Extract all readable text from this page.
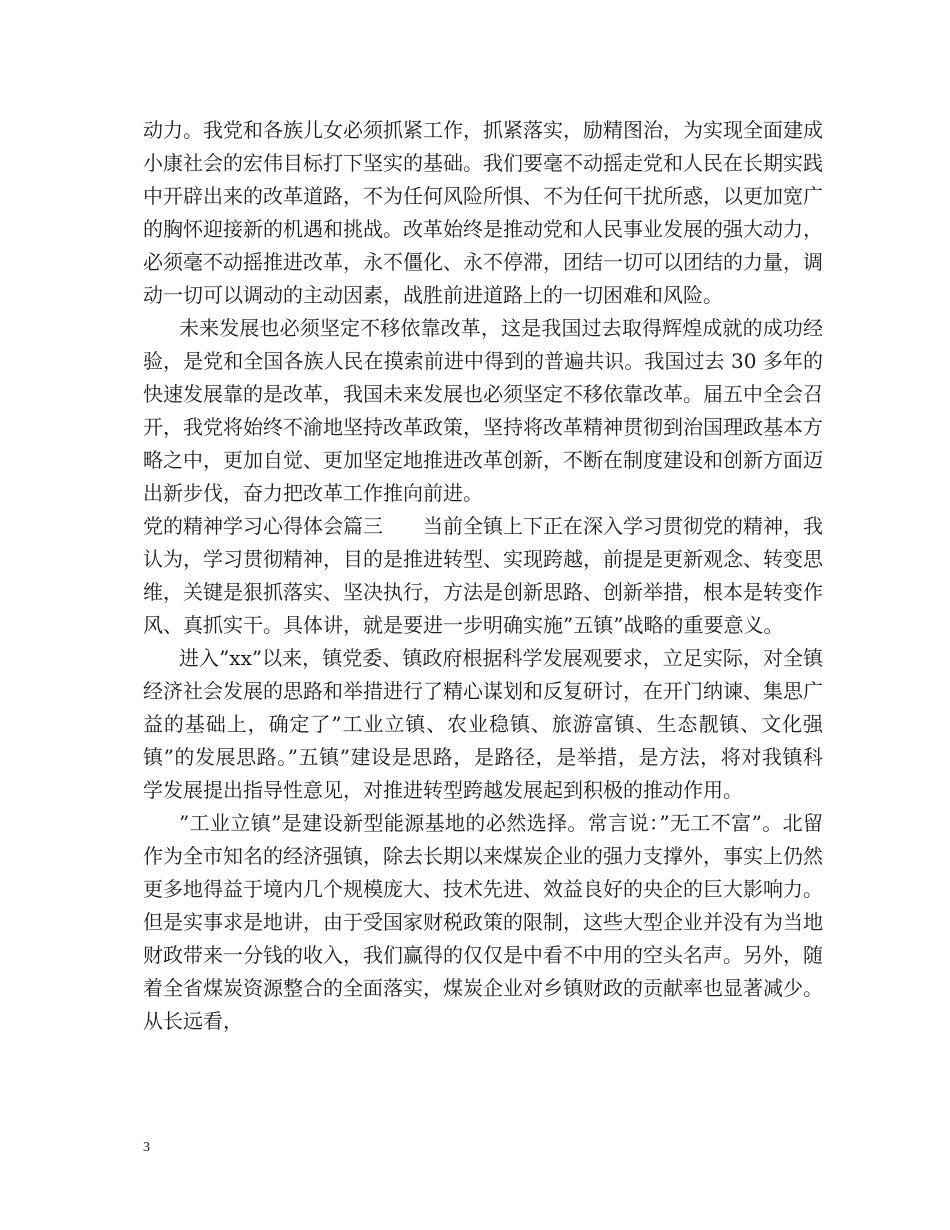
动力。我党和各族儿女必须抓紧工作，抓紧落实，励精图治，为实现全面建成小康社会的宏伟目标打下坚实的基础。我们要毫不动摇走党和人民在长期实践中开辟出来的改革道路，不为任何风险所惧、不为任何干扰所惑，以更加宽广的胸怀迎接新的机遇和挑战。改革始终是推动党和人民事业发展的强大动力，必须毫不动摇推进改革，永不僵化、永不停滞，团结一切可以团结的力量，调动一切可以调动的主动因素，战胜前进道路上的一切困难和风险。

未来发展也必须坚定不移依靠改革，这是我国过去取得辉煌成就的成功经验，是党和全国各族人民在摸索前进中得到的普遍共识。我国过去 30 多年的快速发展靠的是改革，我国未来发展也必须坚定不移依靠改革。届五中全会召开，我党将始终不渝地坚持改革政策，坚持将改革精神贯彻到治国理政基本方略之中，更加自觉、更加坚定地推进改革创新，不断在制度建设和创新方面迈出新步伐，奋力把改革工作推向前进。

党的精神学习心得体会篇三　　当前全镇上下正在深入学习贯彻党的精神，我认为，学习贯彻精神，目的是推进转型、实现跨越，前提是更新观念、转变思维，关键是狠抓落实、坚决执行，方法是创新思路、创新举措，根本是转变作风、真抓实干。具体讲，就是要进一步明确实施”五镇”战略的重要意义。

进入”xx”以来，镇党委、镇政府根据科学发展观要求，立足实际，对全镇经济社会发展的思路和举措进行了精心谋划和反复研讨，在开门纳谏、集思广益的基础上，确定了”工业立镇、农业稳镇、旅游富镇、生态靓镇、文化强镇”的发展思路。”五镇”建设是思路，是路径，是举措，是方法，将对我镇科学发展提出指导性意见，对推进转型跨越发展起到积极的推动作用。

”工业立镇”是建设新型能源基地的必然选择。常言说：”无工不富”。北留作为全市知名的经济强镇，除去长期以来煤炭企业的强力支撑外，事实上仍然更多地得益于境内几个规模庞大、技术先进、效益良好的央企的巨大影响力。但是实事求是地讲，由于受国家财税政策的限制，这些大型企业并没有为当地财政带来一分钱的收入，我们赢得的仅仅是中看不中用的空头名声。另外，随着全省煤炭资源整合的全面落实，煤炭企业对乡镇财政的贡献率也显著减少。从长远看，

3
